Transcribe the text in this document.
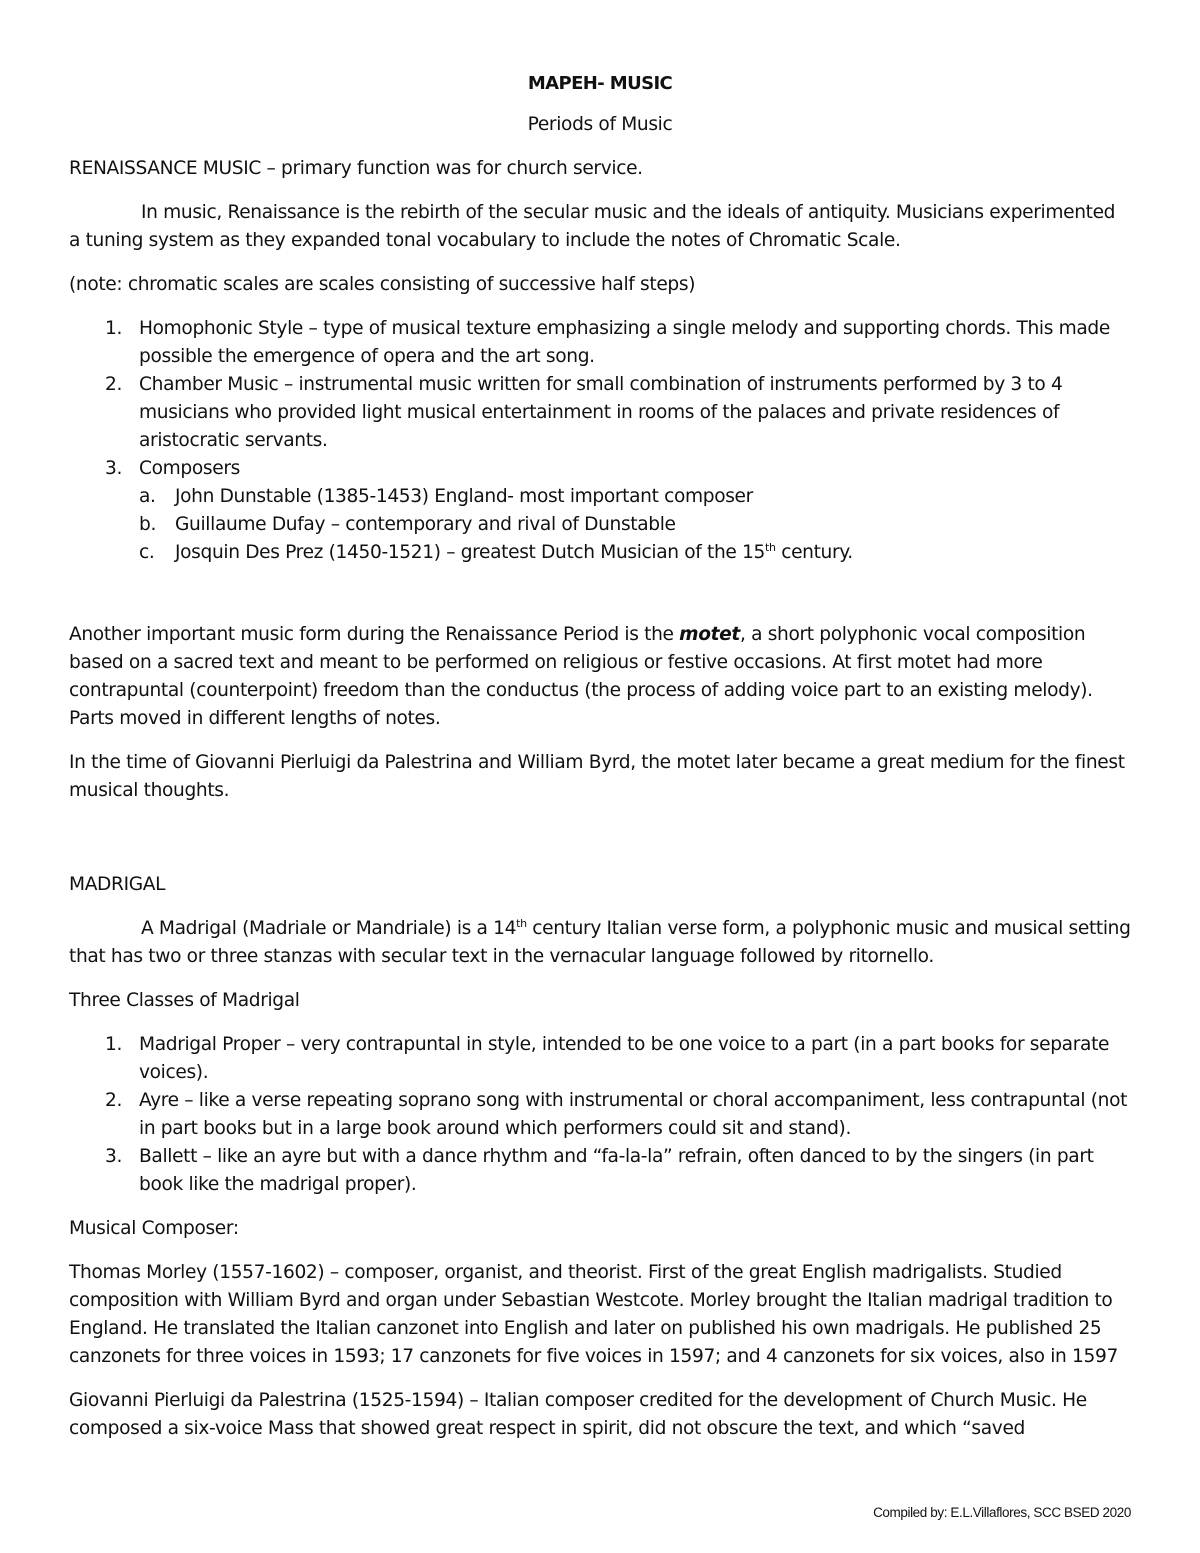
MAPEH- MUSIC
Periods of Music

RENAISSANCE MUSIC – primary function was for church service.

In music, Renaissance is the rebirth of the secular music and the ideals of antiquity. Musicians experimented a tuning system as they expanded tonal vocabulary to include the notes of Chromatic Scale.

(note: chromatic scales are scales consisting of successive half steps)

1. Homophonic Style – type of musical texture emphasizing a single melody and supporting chords. This made possible the emergence of opera and the art song.
2. Chamber Music – instrumental music written for small combination of instruments performed by 3 to 4 musicians who provided light musical entertainment in rooms of the palaces and private residences of aristocratic servants.
3. Composers
a. John Dunstable (1385-1453) England- most important composer
b. Guillaume Dufay – contemporary and rival of Dunstable
c. Josquin Des Prez (1450-1521) – greatest Dutch Musician of the 15th century.

Another important music form during the Renaissance Period is the motet, a short polyphonic vocal composition based on a sacred text and meant to be performed on religious or festive occasions. At first motet had more contrapuntal (counterpoint) freedom than the conductus (the process of adding voice part to an existing melody). Parts moved in different lengths of notes.

In the time of Giovanni Pierluigi da Palestrina and William Byrd, the motet later became a great medium for the finest musical thoughts.

MADRIGAL

A Madrigal (Madriale or Mandriale) is a 14th century Italian verse form, a polyphonic music and musical setting that has two or three stanzas with secular text in the vernacular language followed by ritornello.

Three Classes of Madrigal

1. Madrigal Proper – very contrapuntal in style, intended to be one voice to a part (in a part books for separate voices).
2. Ayre – like a verse repeating soprano song with instrumental or choral accompaniment, less contrapuntal (not in part books but in a large book around which performers could sit and stand).
3. Ballett – like an ayre but with a dance rhythm and “fa-la-la” refrain, often danced to by the singers (in part book like the madrigal proper).

Musical Composer:

Thomas Morley (1557-1602) – composer, organist, and theorist. First of the great English madrigalists. Studied composition with William Byrd and organ under Sebastian Westcote. Morley brought the Italian madrigal tradition to England. He translated the Italian canzonet into English and later on published his own madrigals. He published 25 canzonets for three voices in 1593; 17 canzonets for five voices in 1597; and 4 canzonets for six voices, also in 1597

Giovanni Pierluigi da Palestrina (1525-1594) – Italian composer credited for the development of Church Music. He composed a six-voice Mass that showed great respect in spirit, did not obscure the text, and which “saved

Compiled by: E.L.Villaflores, SCC BSED 2020
